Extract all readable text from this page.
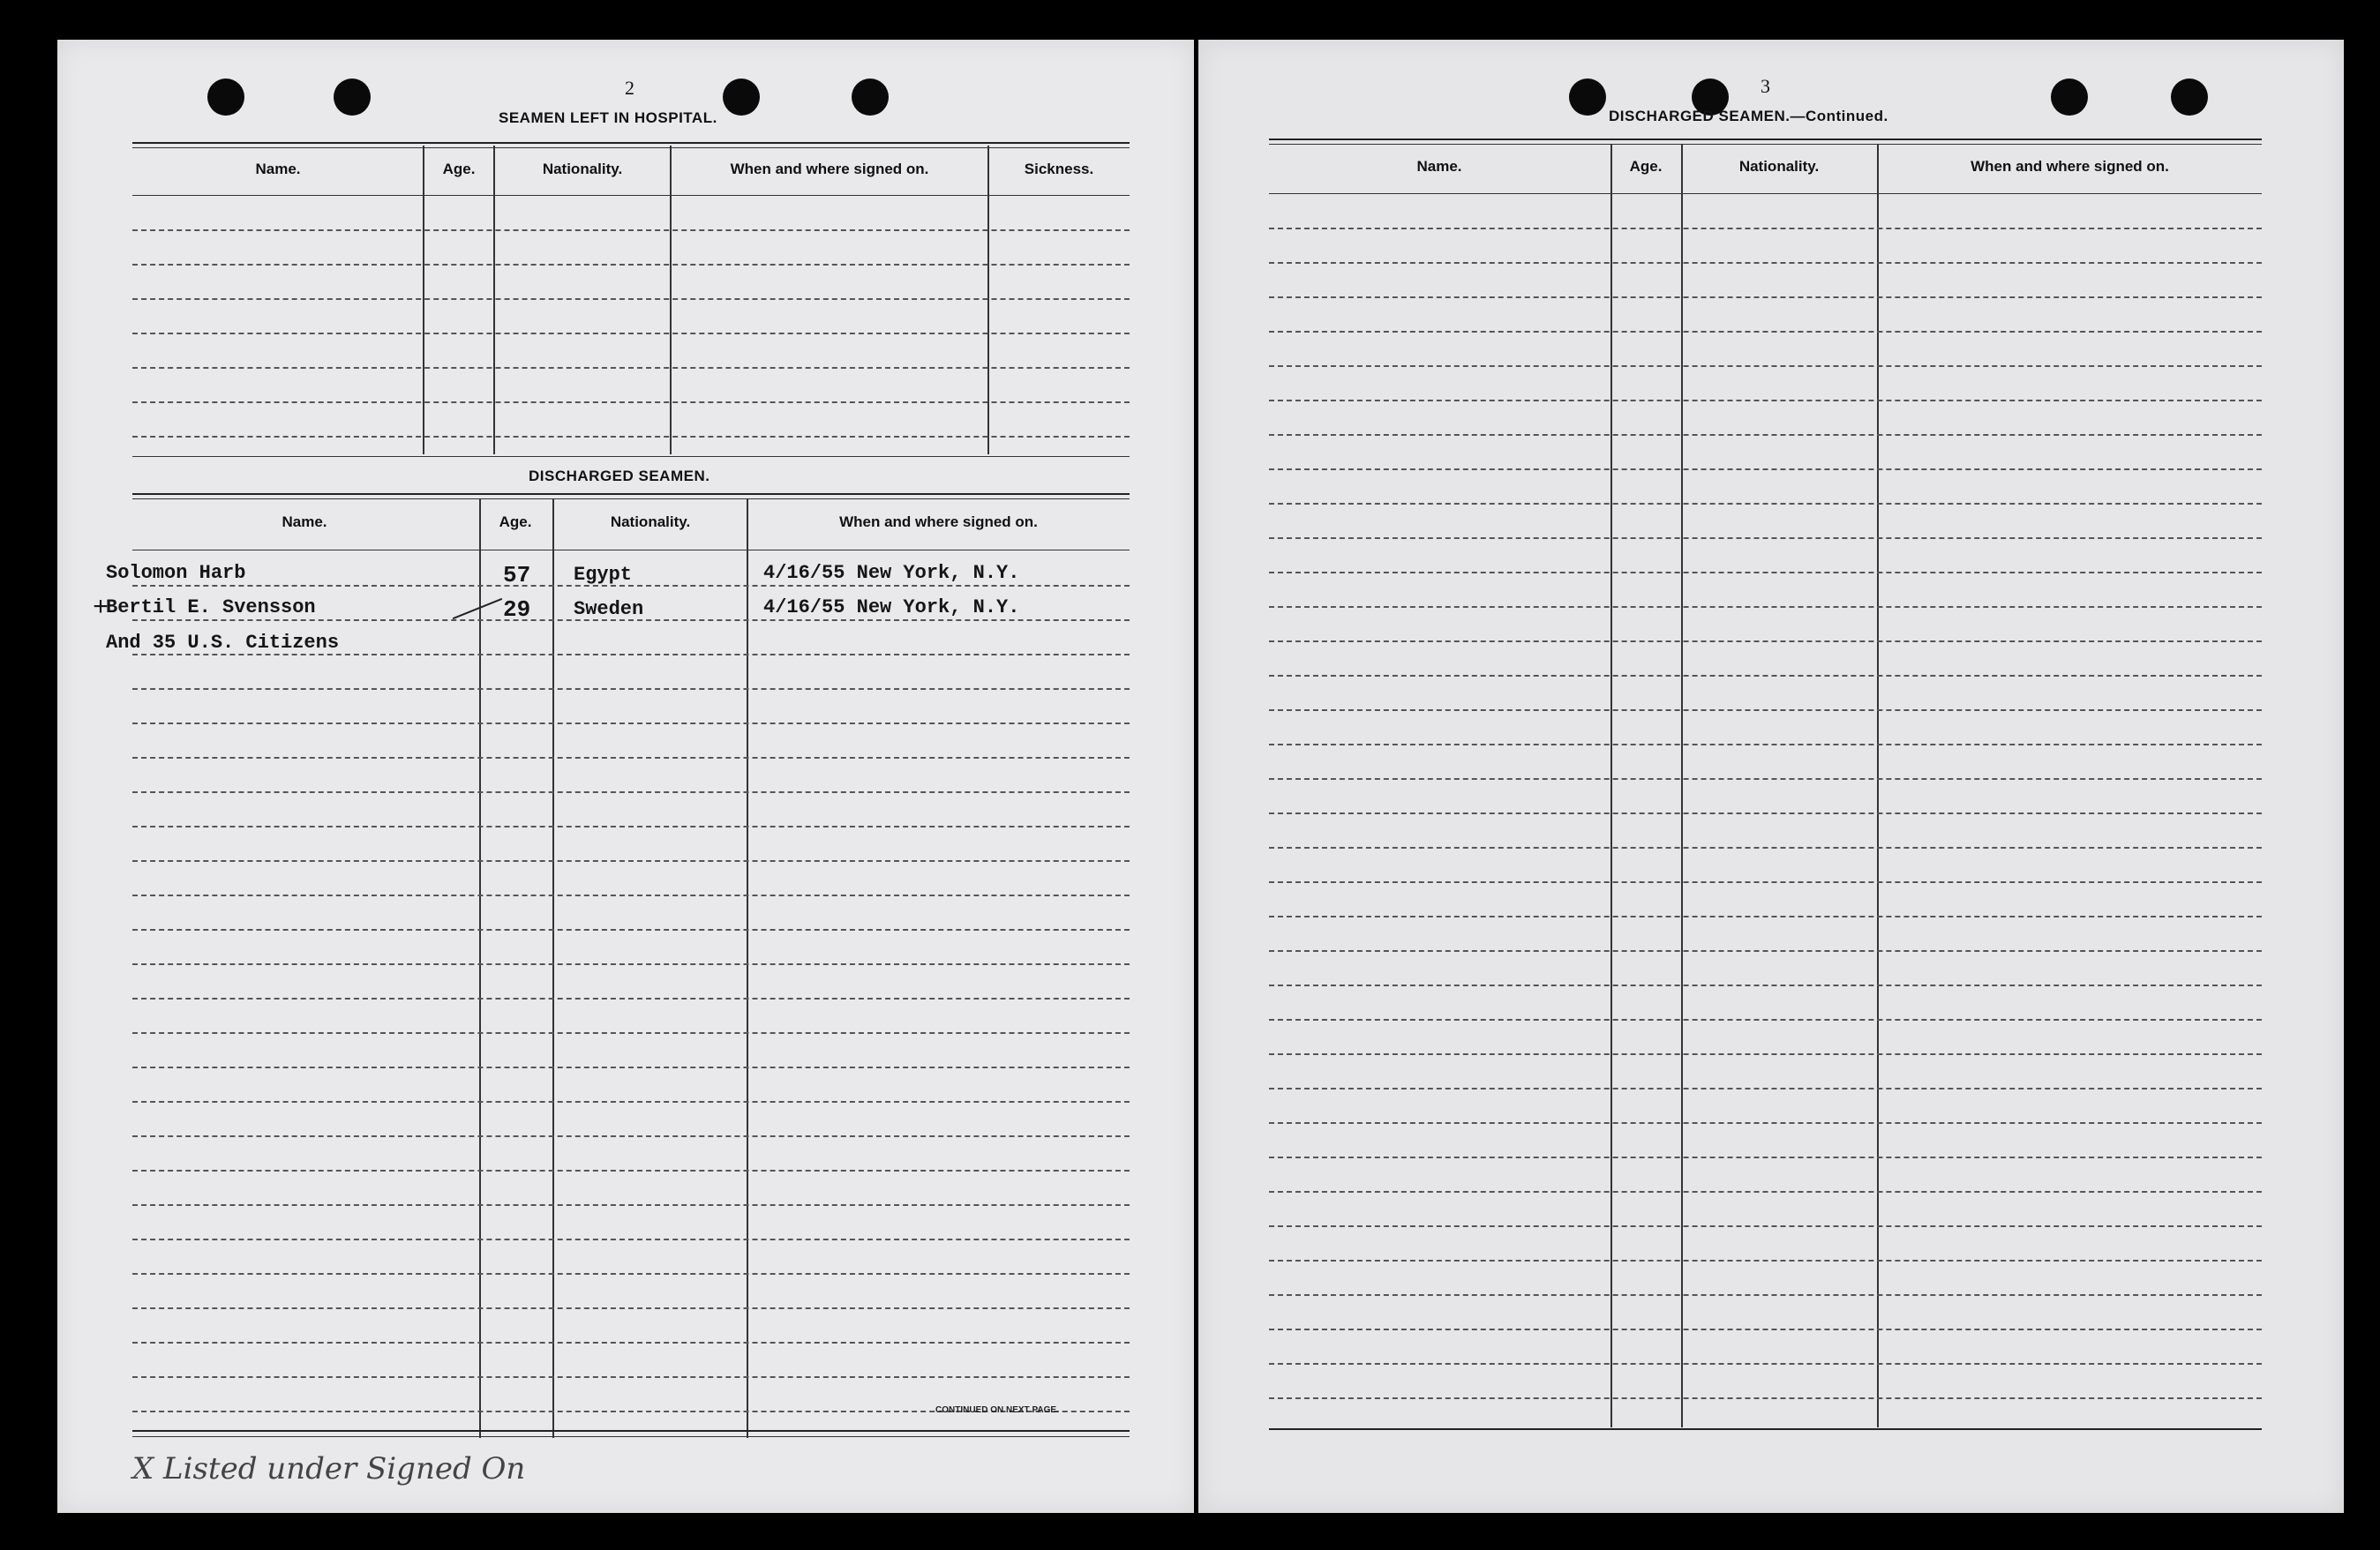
2
SEAMEN LEFT IN HOSPITAL.
Name.	Age.	Nationality.	When and where signed on.	Sickness.
DISCHARGED SEAMEN.
Name.	Age.	Nationality.	When and where signed on.
Solomon Harb	57 Egypt	4/16/55 New York, N.Y.
+
Bertil E. Svensson	29 Sweden	4/16/55 New York, N.Y.
And 35 U.S. Citizens
CONTINUED ON NEXT PAGE.
X Listed under Signed On
3
DISCHARGED SEAMEN.—Continued.
Name.	Age.	Nationality.	When and where signed on.
